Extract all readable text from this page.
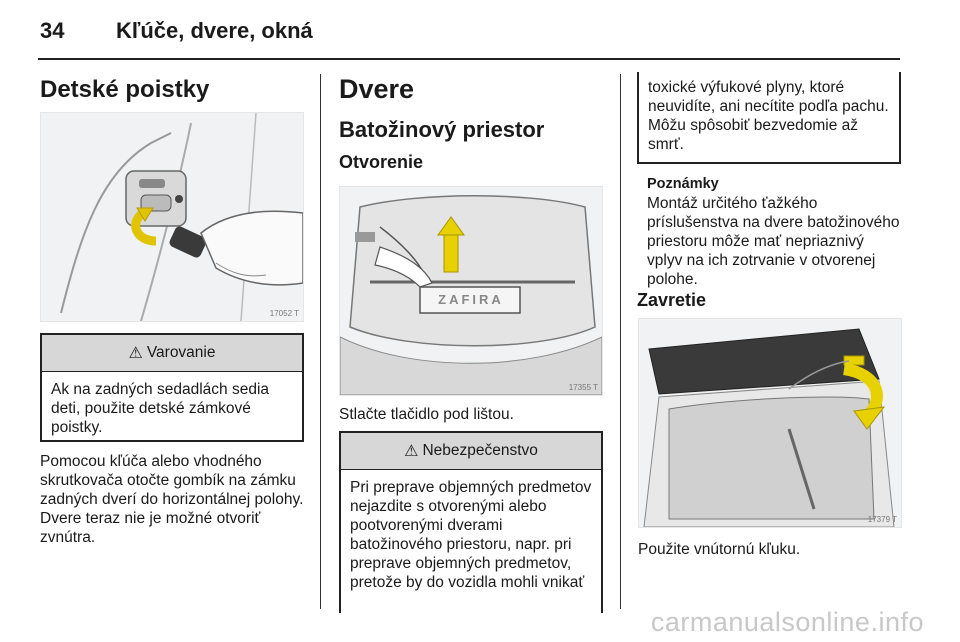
34 Kľúče, dvere, okná
Detské poistky
17052 T
⚠ Varovanie
Ak na zadných sedadlách sedia deti, použite detské zámkové poistky.
Pomocou kľúča alebo vhodného skrutkovača otočte gombík na zámku zadných dverí do horizontálnej polohy. Dvere teraz nie je možné otvoriť zvnútra.
Dvere
Batožinový priestor
Otvorenie
ZAFIRA
17355 T
Stlačte tlačidlo pod lištou.
⚠ Nebezpečenstvo
Pri preprave objemných predmetov nejazdite s otvorenými alebo pootvorenými dverami batožinového priestoru, napr. pri preprave objemných predmetov, pretože by do vozidla mohli vnikať
toxické výfukové plyny, ktoré neuvidíte, ani necítite podľa pachu. Môžu spôsobiť bezvedomie až smrť.
Poznámky
Montáž určitého ťažkého príslušenstva na dvere batožinového priestoru môže mať nepriaznivý vplyv na ich zotrvanie v otvorenej polohe.
Zavretie
17379 T
Použite vnútornú kľuku.
carmanualsonline.info
